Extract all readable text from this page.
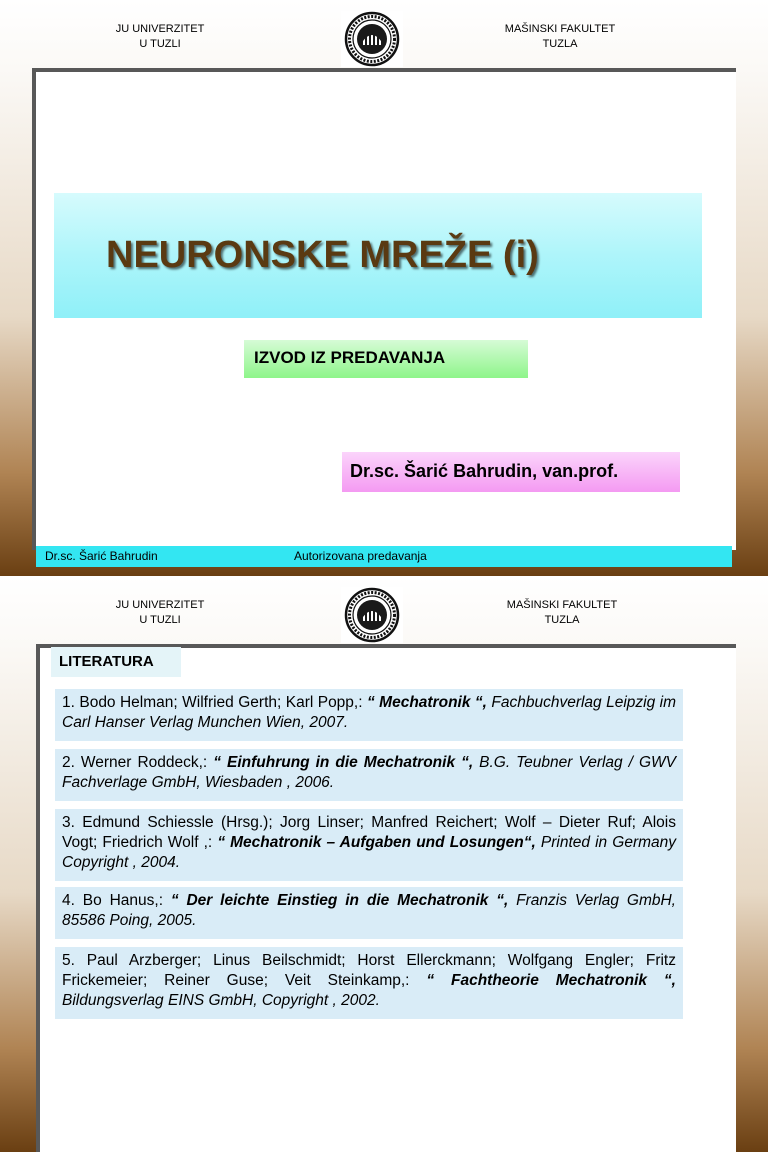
JU UNIVERZITET
U TUZLI
MAŠINSKI FAKULTET
TUZLA
NEURONSKE MREŽE (i)
IZVOD IZ PREDAVANJA
Dr.sc. Šarić Bahrudin, van.prof.
Dr.sc. Šarić Bahrudin	Autorizovana predavanja
JU UNIVERZITET
U TUZLI
MAŠINSKI FAKULTET
TUZLA
LITERATURA
1. Bodo Helman; Wilfried Gerth; Karl Popp,: “ Mechatronik “, Fachbuchverlag Leipzig im Carl Hanser Verlag Munchen Wien, 2007.
2. Werner Roddeck,: “ Einfuhrung in die Mechatronik “, B.G. Teubner Verlag / GWV Fachverlage GmbH, Wiesbaden , 2006.
3. Edmund Schiessle (Hrsg.); Jorg Linser; Manfred Reichert; Wolf – Dieter Ruf; Alois Vogt; Friedrich Wolf ,: “ Mechatronik – Aufgaben und Losungen“, Printed in Germany Copyright , 2004.
4. Bo Hanus,: “ Der leichte Einstieg in die Mechatronik “, Franzis Verlag GmbH, 85586 Poing, 2005.
5. Paul Arzberger; Linus Beilschmidt; Horst Ellerckmann; Wolfgang Engler; Fritz Frickemeier; Reiner Guse; Veit Steinkamp,: “ Fachtheorie Mechatronik “, Bildungsverlag EINS GmbH, Copyright , 2002.
